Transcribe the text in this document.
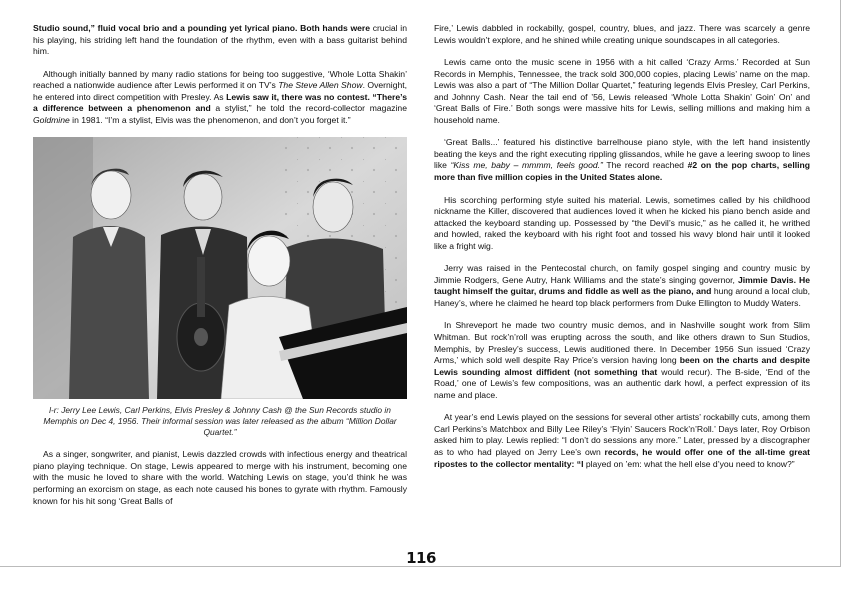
Studio sound,” fluid vocal brio and a pounding yet lyrical piano. Both hands were crucial in his playing, his striding left hand the foundation of the rhythm, even with a bass guitarist behind him.

Although initially banned by many radio stations for being too suggestive, ‘Whole Lotta Shakin’ reached a nationwide audience after Lewis performed it on TV’s The Steve Allen Show. Overnight, he entered into direct competition with Presley. As Lewis saw it, there was no contest. “There’s a difference between a phenomenon and a stylist,” he told the record-collector magazine Goldmine in 1981. “I’m a stylist, Elvis was the phenomenon, and don’t you forget it.”

l-r: Jerry Lee Lewis, Carl Perkins, Elvis Presley & Johnny Cash @ the Sun Records studio in Memphis on Dec 4, 1956. Their informal session was later released as the album “Million Dollar Quartet.”

As a singer, songwriter, and pianist, Lewis dazzled crowds with infectious energy and theatrical piano playing technique. On stage, Lewis appeared to merge with his instrument, becoming one with the music he loved to share with the world. Watching Lewis on stage, you’d think he was performing an exorcism on stage, as each note caused his bones to gyrate with rhythm. Famously known for his hit song ‘Great Balls of

Fire,’ Lewis dabbled in rockabilly, gospel, country, blues, and jazz. There was scarcely a genre Lewis wouldn’t explore, and he shined while creating unique soundscapes in all categories.

Lewis came onto the music scene in 1956 with a hit called ‘Crazy Arms.’ Recorded at Sun Records in Memphis, Tennessee, the track sold 300,000 copies, placing Lewis’ name on the map. Lewis was also a part of “The Million Dollar Quartet,” featuring legends Elvis Presley, Carl Perkins, and Johnny Cash. Near the tail end of ’56, Lewis released ‘Whole Lotta Shakin’ Goin’ On’ and ‘Great Balls of Fire.’ Both songs were massive hits for Lewis, selling millions and making him a household name.

‘Great Balls...’ featured his distinctive barrelhouse piano style, with the left hand insistently beating the keys and the right executing rippling glissandos, while he gave a leering swoop to lines like “Kiss me, baby – mmmm, feels good.” The record reached #2 on the pop charts, selling more than five million copies in the United States alone.

His scorching performing style suited his material. Lewis, sometimes called by his childhood nickname the Killer, discovered that audiences loved it when he kicked his piano bench aside and attacked the keyboard standing up. Possessed by “the Devil’s music,” as he called it, he writhed and howled, raked the keyboard with his right foot and tossed his wavy blond hair until it looked like a fright wig.

Jerry was raised in the Pentecostal church, on family gospel singing and country music by Jimmie Rodgers, Gene Autry, Hank Williams and the state’s singing governor, Jimmie Davis. He taught himself the guitar, drums and fiddle as well as the piano, and hung around a local club, Haney’s, where he claimed he heard top black performers from Duke Ellington to Muddy Waters.

In Shreveport he made two country music demos, and in Nashville sought work from Slim Whitman. But rock’n’roll was erupting across the south, and like others drawn to Sun Studios, Memphis, by Presley’s success, Lewis auditioned there. In December 1956 Sun issued ‘Crazy Arms,’ which sold well despite Ray Price’s version having long been on the charts and despite Lewis sounding almost diffident (not something that would recur). The B-side, ‘End of the Road,’ one of Lewis’s few compositions, was an authentic dark howl, a perfect expression of its name and place.

At year’s end Lewis played on the sessions for several other artists’ rockabilly cuts, among them Carl Perkins’s Matchbox and Billy Lee Riley’s ‘Flyin’ Saucers Rock’n’Roll.’ Days later, Roy Orbison asked him to play. Lewis replied: “I don’t do sessions any more.” Later, pressed by a discographer as to who had played on Jerry Lee’s own records, he would offer one of the all-time great ripostes to the collector mentality: “I played on ’em: what the hell else d’you need to know?”

116
